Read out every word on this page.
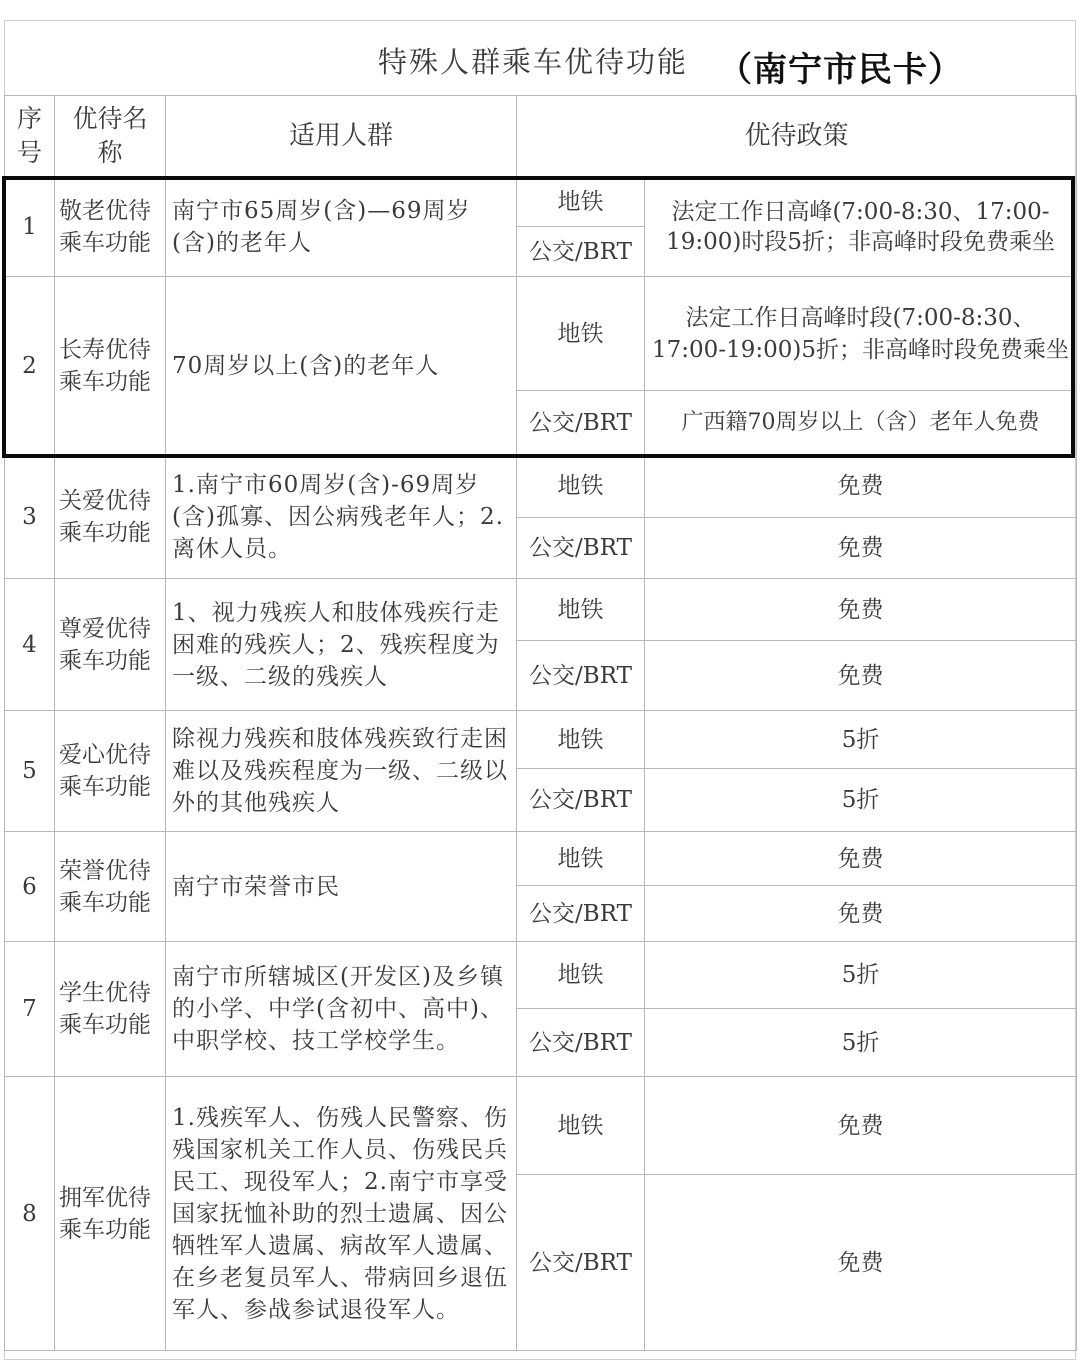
特殊人群乘车优待功能 （南宁市民卡）
序号	优待名称	适用人群	优待政策	
1	敬老优待乘车功能	南宁市65周岁(含)—69周岁(含)的老年人	地铁	法定工作日高峰(7:00-8:30、17:00-19:00)时段5折；非高峰时段免费乘坐
			公交/BRT	
2	长寿优待乘车功能	70周岁以上(含)的老年人	地铁	法定工作日高峰时段(7:00-8:30、17:00-19:00)5折；非高峰时段免费乘坐
			公交/BRT	广西籍70周岁以上（含）老年人免费
3	关爱优待乘车功能	1.南宁市60周岁(含)-69周岁(含)孤寡、因公病残老年人；2.离休人员。	地铁	免费
			公交/BRT	免费
4	尊爱优待乘车功能	1、视力残疾人和肢体残疾行走困难的残疾人；2、残疾程度为一级、二级的残疾人	地铁	免费
			公交/BRT	免费
5	爱心优待乘车功能	除视力残疾和肢体残疾致行走困难以及残疾程度为一级、二级以外的其他残疾人	地铁	5折
			公交/BRT	5折
6	荣誉优待乘车功能	南宁市荣誉市民	地铁	免费
			公交/BRT	免费
7	学生优待乘车功能	南宁市所辖城区(开发区)及乡镇的小学、中学(含初中、高中)、中职学校、技工学校学生。	地铁	5折
			公交/BRT	5折
8	拥军优待乘车功能	1.残疾军人、伤残人民警察、伤残国家机关工作人员、伤残民兵民工、现役军人；2.南宁市享受国家抚恤补助的烈士遗属、因公牺牲军人遗属、病故军人遗属、在乡老复员军人、带病回乡退伍军人、参战参试退役军人。	地铁	免费
			公交/BRT	免费
